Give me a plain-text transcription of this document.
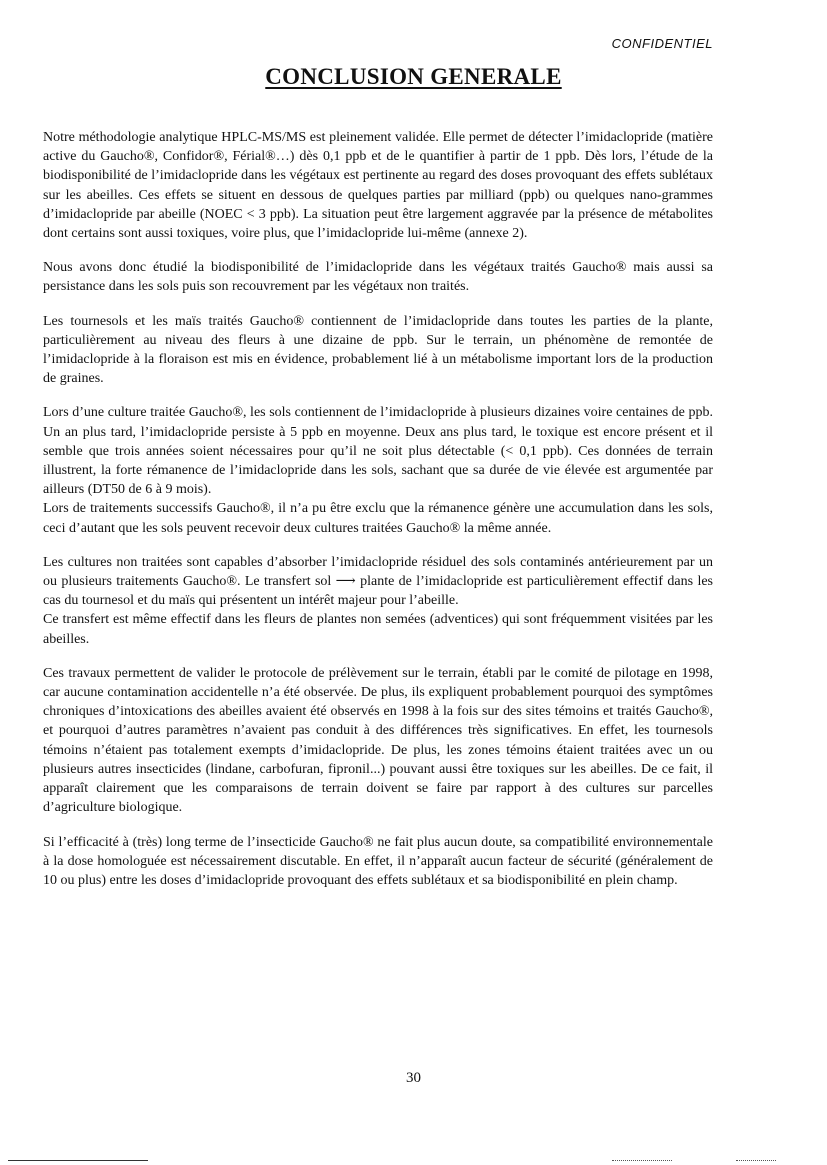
CONFIDENTIEL
CONCLUSION GENERALE

Notre méthodologie analytique HPLC-MS/MS est pleinement validée. Elle permet de détecter l’imidaclopride (matière active du Gaucho®, Confidor®, Férial®…) dès 0,1 ppb et de le quantifier à partir de 1 ppb. Dès lors, l’étude de la biodisponibilité de l’imidaclopride dans les végétaux est pertinente au regard des doses provoquant des effets sublétaux sur les abeilles. Ces effets se situent en dessous de quelques parties par milliard (ppb) ou quelques nano-grammes d’imidaclopride par abeille (NOEC < 3 ppb). La situation peut être largement aggravée par la présence de métabolites dont certains sont aussi toxiques, voire plus, que l’imidaclopride lui-même (annexe 2).

Nous avons donc étudié la biodisponibilité de l’imidaclopride dans les végétaux traités Gaucho® mais aussi sa persistance dans les sols puis son recouvrement par les végétaux non traités.

Les tournesols et les maïs traités Gaucho® contiennent de l’imidaclopride dans toutes les parties de la plante, particulièrement au niveau des fleurs à une dizaine de ppb. Sur le terrain, un phénomène de remontée de l’imidaclopride à la floraison est mis en évidence, probablement lié à un métabolisme important lors de la production de graines.

Lors d’une culture traitée Gaucho®, les sols contiennent de l’imidaclopride à plusieurs dizaines voire centaines de ppb. Un an plus tard, l’imidaclopride persiste à 5 ppb en moyenne. Deux ans plus tard, le toxique est encore présent et il semble que trois années soient nécessaires pour qu’il ne soit plus détectable (< 0,1 ppb). Ces données de terrain illustrent, la forte rémanence de l’imidaclopride dans les sols, sachant que sa durée de vie élevée est argumentée par ailleurs (DT50 de 6 à 9 mois).

Lors de traitements successifs Gaucho®, il n’a pu être exclu que la rémanence génère une accumulation dans les sols, ceci d’autant que les sols peuvent recevoir deux cultures traitées Gaucho® la même année.

Les cultures non traitées sont capables d’absorber l’imidaclopride résiduel des sols contaminés antérieurement par un ou plusieurs traitements Gaucho®. Le transfert sol ⟶ plante de l’imidaclopride est particulièrement effectif dans les cas du tournesol et du maïs qui présentent un intérêt majeur pour l’abeille.

Ce transfert est même effectif dans les fleurs de plantes non semées (adventices) qui sont fréquemment visitées par les abeilles.

Ces travaux permettent de valider le protocole de prélèvement sur le terrain, établi par le comité de pilotage en 1998, car aucune contamination accidentelle n’a été observée. De plus, ils expliquent probablement pourquoi des symptômes chroniques d’intoxications des abeilles avaient été observés en 1998 à la fois sur des sites témoins et traités Gaucho®, et pourquoi d’autres paramètres n’avaient pas conduit à des différences très significatives. En effet, les tournesols témoins n’étaient pas totalement exempts d’imidaclopride. De plus, les zones témoins étaient traitées avec un ou plusieurs autres insecticides (lindane, carbofuran, fipronil...) pouvant aussi être toxiques sur les abeilles. De ce fait, il apparaît clairement que les comparaisons de terrain doivent se faire par rapport à des cultures sur parcelles d’agriculture biologique.

Si l’efficacité à (très) long terme de l’insecticide Gaucho® ne fait plus aucun doute, sa compatibilité environnementale à la dose homologuée est nécessairement discutable. En effet, il n’apparaît aucun facteur de sécurité (généralement de 10 ou plus) entre les doses d’imidaclopride provoquant des effets sublétaux et sa biodisponibilité en plein champ.

30
